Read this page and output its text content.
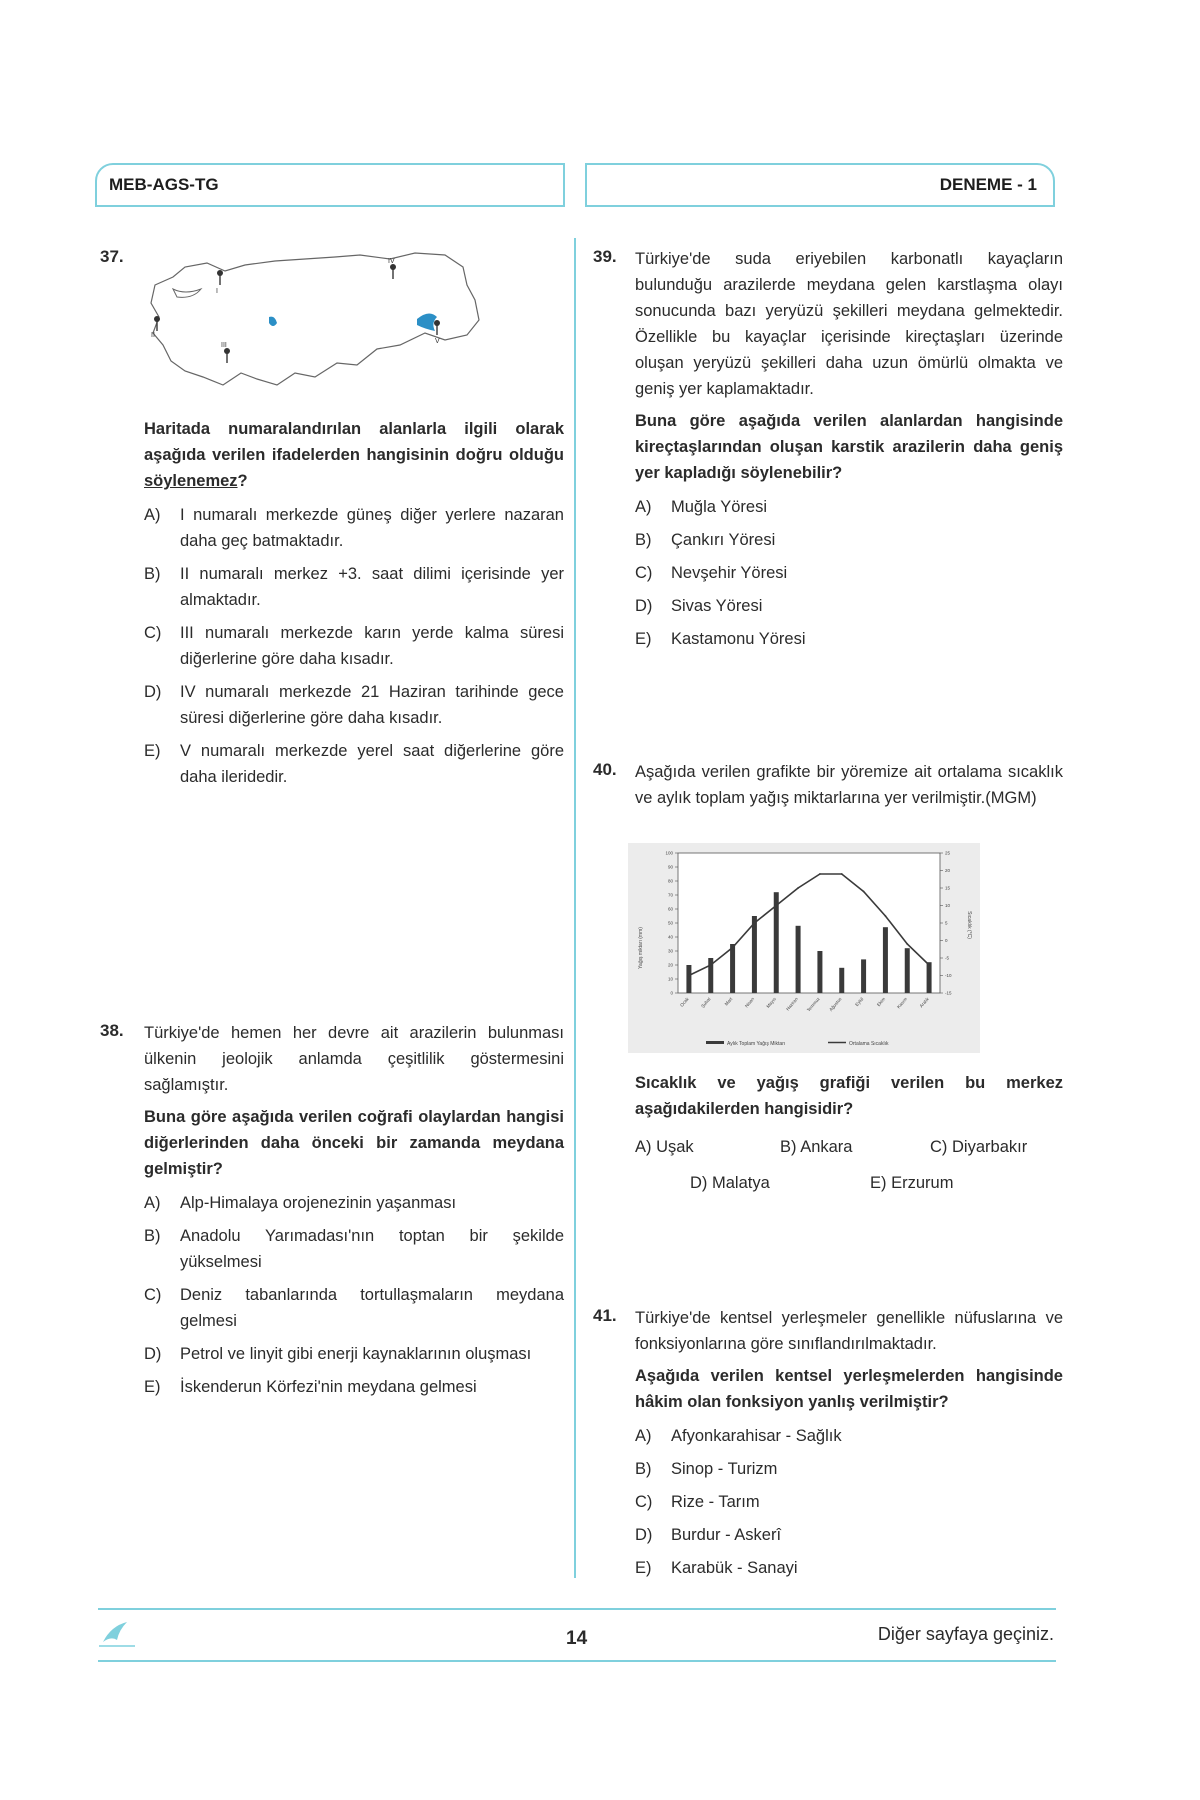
MEB-AGS-TG	DENEME - 1
37.
I
II
III
IV
V

Haritada numaralandırılan alanlarla ilgili olarak aşağıda verilen ifadelerden hangisinin doğru olduğu söylenemez?

A)	I numaralı merkezde güneş diğer yerlere nazaran daha geç batmaktadır.
B)	II numaralı merkez +3. saat dilimi içerisinde yer almaktadır.
C)	III numaralı merkezde karın yerde kalma süresi diğerlerine göre daha kısadır.
D)	IV numaralı merkezde 21 Haziran tarihinde gece süresi diğerlerine göre daha kısadır.
E)	V numaralı merkezde yerel saat diğerlerine göre daha ileridedir.
38. Türkiye'de hemen her devre ait arazilerin bulunması ülkenin jeolojik anlamda çeşitlilik göstermesini sağlamıştır.

Buna göre aşağıda verilen coğrafi olaylardan hangisi diğerlerinden daha önceki bir zamanda meydana gelmiştir?

A)	Alp-Himalaya orojenezinin yaşanması
B)	Anadolu Yarımadası'nın toptan bir şekilde yükselmesi
C)	Deniz tabanlarında tortullaşmaların meydana gelmesi
D)	Petrol ve linyit gibi enerji kaynaklarının oluşması
E)	İskenderun Körfezi'nin meydana gelmesi
39. Türkiye'de suda eriyebilen karbonatlı kayaçların bulunduğu arazilerde meydana gelen karstlaşma olayı sonucunda bazı yeryüzü şekilleri meydana gelmektedir. Özellikle bu kayaçlar içerisinde kireçtaşları üzerinde oluşan yeryüzü şekilleri daha uzun ömürlü olmakta ve geniş yer kaplamaktadır.

Buna göre aşağıda verilen alanlardan hangisinde kireçtaşlarından oluşan karstik arazilerin daha geniş yer kapladığı söylenebilir?

A)	Muğla Yöresi
B)	Çankırı Yöresi
C)	Nevşehir Yöresi
D)	Sivas Yöresi
E)	Kastamonu Yöresi
40. Aşağıda verilen grafikte bir yöremize ait ortalama sıcaklık ve aylık toplam yağış miktarlarına yer verilmiştir.(MGM)

0
10
20
30
40
50
60
70
80
90
100
-15
-10
-5
0
5
10
15
20
25
Ocak Şubat	Mart Nisan Mayıs Haziran Temmuz Ağustos	Eylül	Ekim Kasım Aralık
Yağış miktarı (mm)
Sıcaklık (°C)
Aylık Toplam Yağış Miktarı	Ortalama Sıcaklık

Sıcaklık ve yağış grafiği verilen bu merkez aşağıdakilerden hangisidir?

A) Uşak	B) Ankara	C) Diyarbakır
D) Malatya	E) Erzurum
41. Türkiye'de kentsel yerleşmeler genellikle nüfuslarına ve fonksiyonlarına göre sınıflandırılmaktadır.

Aşağıda verilen kentsel yerleşmelerden hangisinde hâkim olan fonksiyon yanlış verilmiştir?

A)	Afyonkarahisar - Sağlık
B)	Sinop - Turizm
C)	Rize - Tarım
D)	Burdur - Askerî
E)	Karabük - Sanayi
14	Diğer sayfaya geçiniz.
